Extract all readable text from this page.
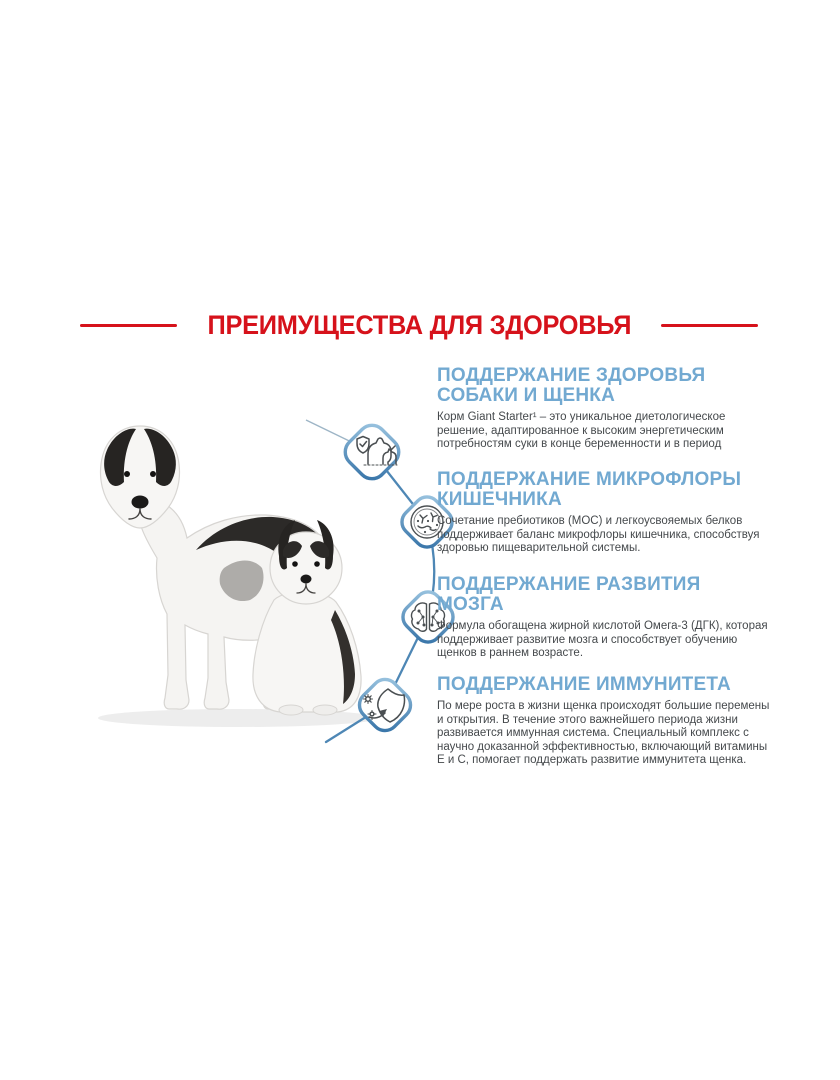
ПРЕИМУЩЕСТВА ДЛЯ ЗДОРОВЬЯ
ПОДДЕРЖАНИЕ ЗДОРОВЬЯ СОБАКИ И ЩЕНКА

Корм Giant Starter¹ – это уникальное диетологическое решение, адаптированное к высоким энергетическим потребностям суки в конце беременности и в период

ПОДДЕРЖАНИЕ МИКРОФЛОРЫ КИШЕЧНИКА

Сочетание пребиотиков (МОС) и легкоусвояемых белков поддерживает баланс микрофлоры кишечника, способствуя здоровью пищеварительной системы.

ПОДДЕРЖАНИЕ РАЗВИТИЯ МОЗГА

Формула обогащена жирной кислотой Омега-3 (ДГК), которая поддерживает развитие мозга и способствует обучению щенков в раннем возрасте.

ПОДДЕРЖАНИЕ ИММУНИТЕТА

По мере роста в жизни щенка происходят большие перемены и открытия. В течение этого важнейшего периода жизни развивается иммунная система. Специальный комплекс с научно доказанной эффективностью, включающий витамины Е и С, помогает поддержать развитие иммунитета щенка.
